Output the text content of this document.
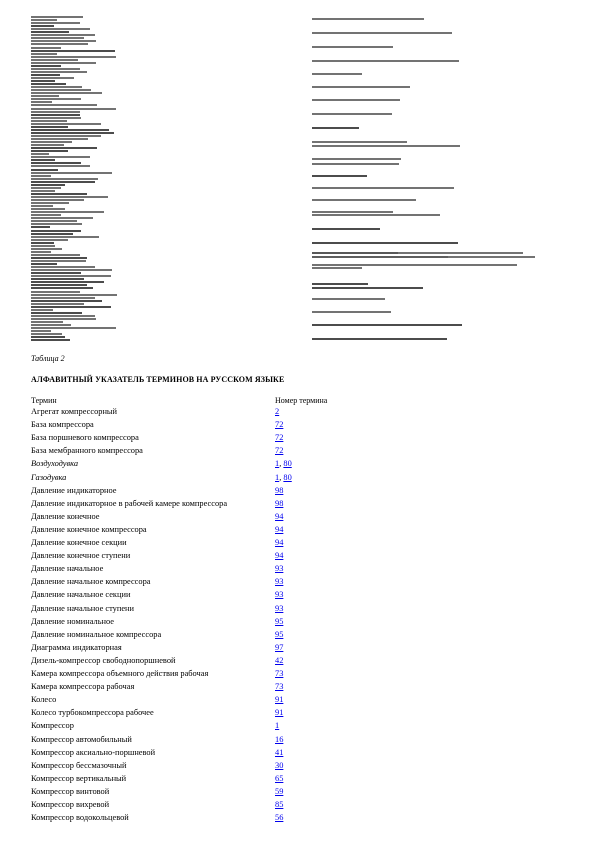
Таблица 2
АЛФАВИТНЫЙ УКАЗАТЕЛЬ ТЕРМИНОВ НА РУССКОМ ЯЗЫКЕ
Термин	Номер термина
Агрегат компрессорный	2
База компрессора	72
База поршневого компрессора	72
База мембранного компрессора	72
Воздуходувка	1, 80
Газодувка	1, 80
Давление индикаторное	98
Давление индикаторное в рабочей камере компрессора	98
Давление конечное	94
Давление конечное компрессора	94
Давление конечное секции	94
Давление конечное ступени	94
Давление начальное	93
Давление начальное компрессора	93
Давление начальное секции	93
Давление начальное ступени	93
Давление номинальное	95
Давление номинальное компрессора	95
Диаграмма индикаторная	97
Дизель-компрессор свободнопоршневой	42
Камера компрессора объемного действия рабочая	73
Камера компрессора рабочая	73
Колесо	91
Колесо турбокомпрессора рабочее	91
Компрессор	1
Компрессор автомобильный	16
Компрессор аксиально-поршневой	41
Компрессор бессмазочный	30
Компрессор вертикальный	65
Компрессор винтовой	59
Компрессор вихревой	85
Компрессор водокольцевой	56
